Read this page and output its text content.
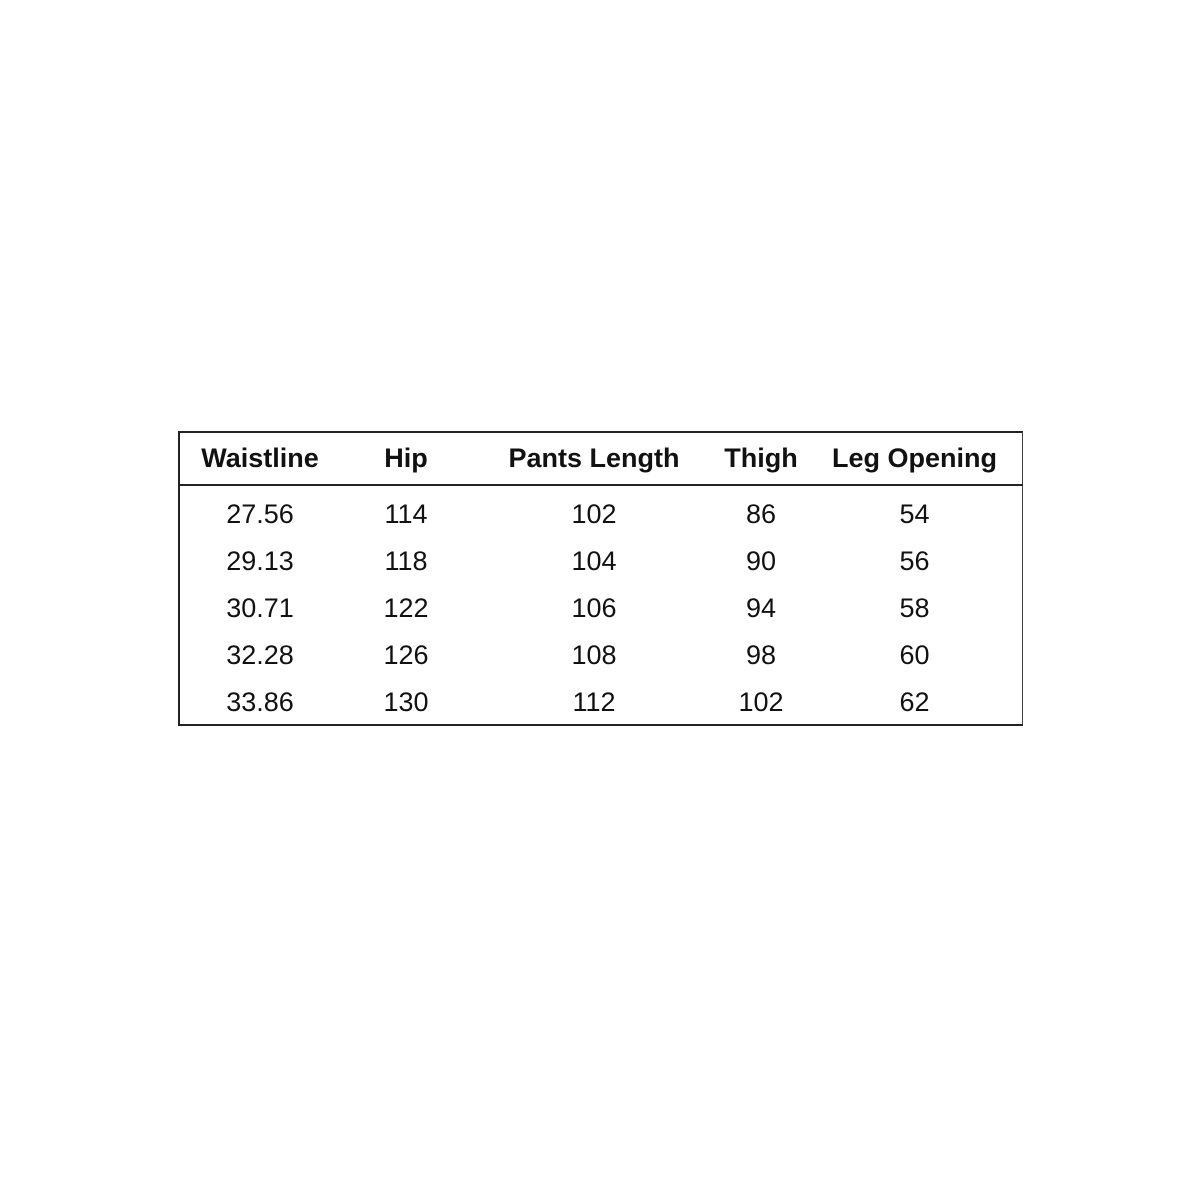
Waistline	Hip	Pants Length	Thigh	Leg Opening
27.56	114	102	86	54
29.13	118	104	90	56
30.71	122	106	94	58
32.28	126	108	98	60
33.86	130	112	102	62
